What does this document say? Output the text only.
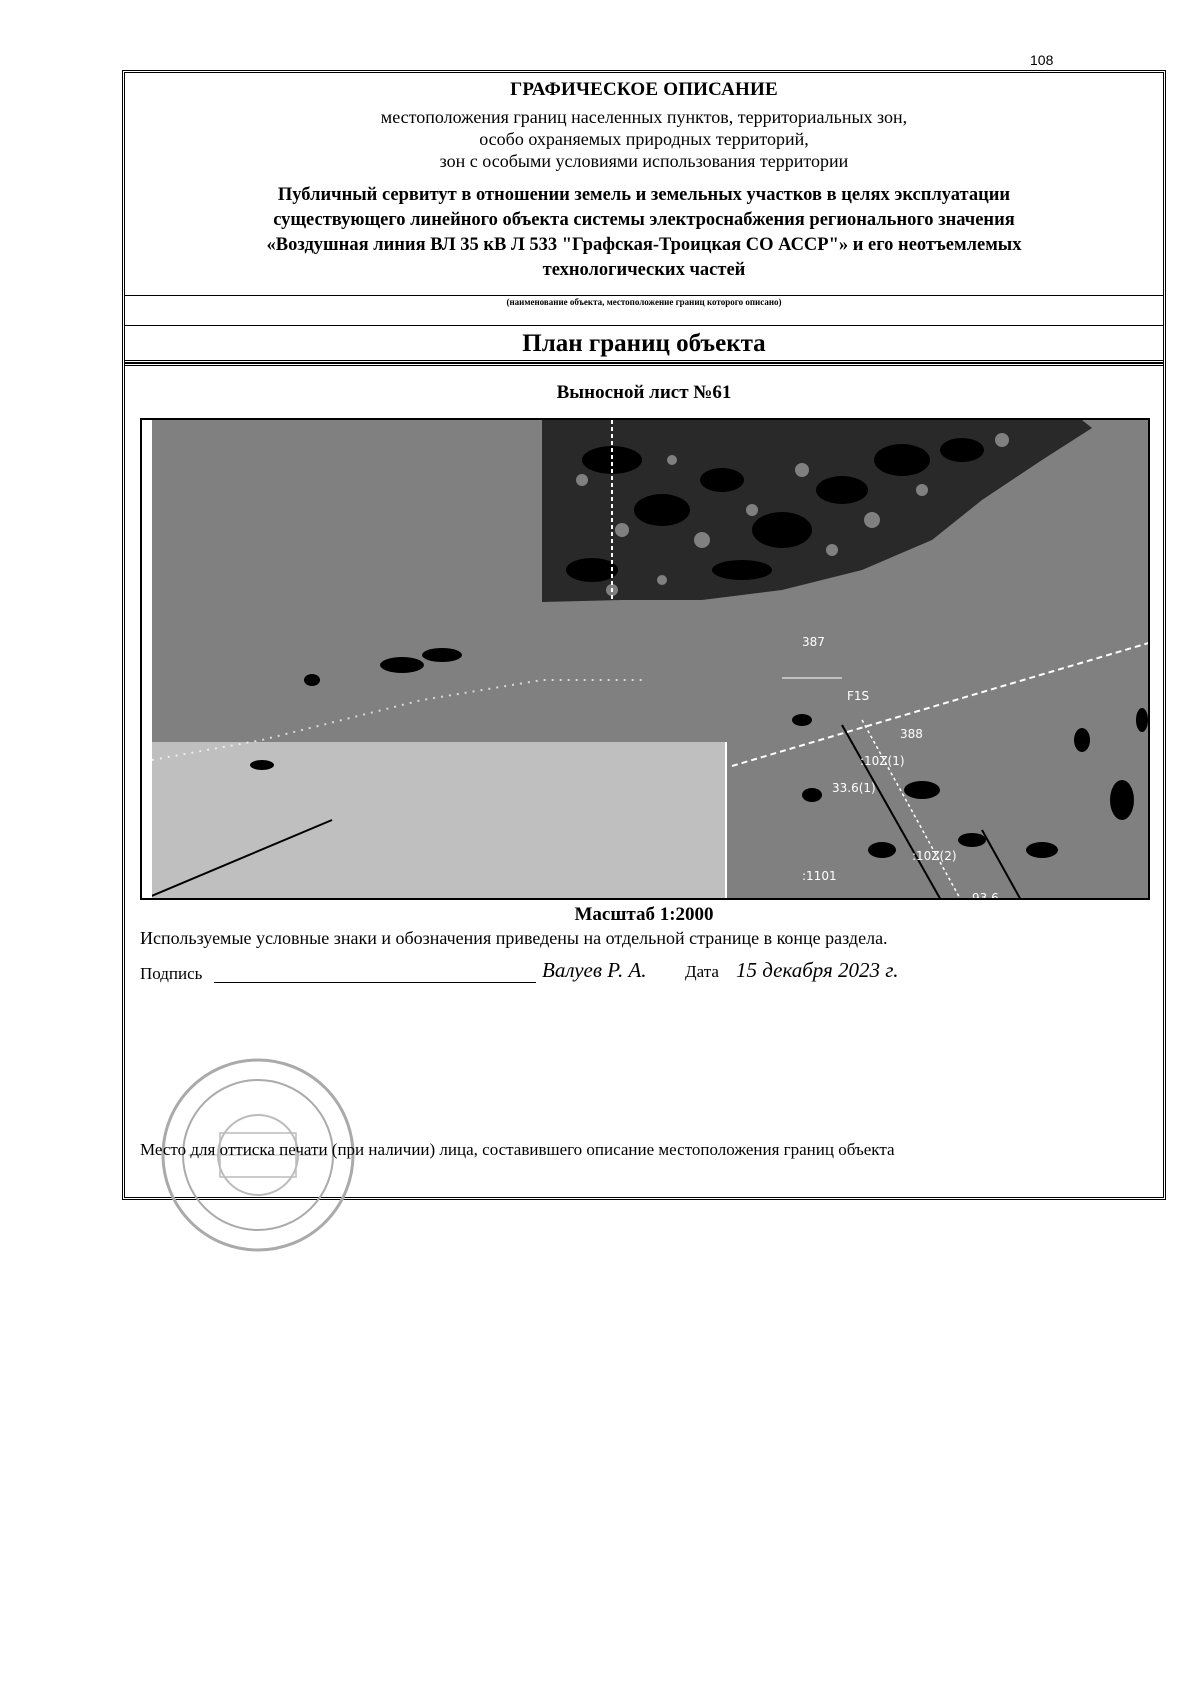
108
ГРАФИЧЕСКОЕ ОПИСАНИЕ
местоположения границ населенных пунктов, территориальных зон,
особо охраняемых природных территорий,
зон с особыми условиями использования территории
Публичный сервитут в отношении земель и земельных участков в целях эксплуатации
существующего линейного объекта системы электроснабжения регионального значения
«Воздушная линия ВЛ 35 кВ Л 533 "Графская-Троицкая СО АССР"» и его неотъемлемых
технологических частей
(наименование объекта, местоположение границ которого описано)
План границ объекта
Выносной лист №61
387
F1S
388
:10Z(1)
33.6(1)
:10Z(2)
93.6
:1101
Масштаб 1:2000
Используемые условные знаки и обозначения приведены на отдельной странице в конце раздела.
Подпись	Валуев Р. А. Дата 15 декабря 2023 г.
Место для оттиска печати (при наличии) лица, составившего описание местоположения границ объекта
